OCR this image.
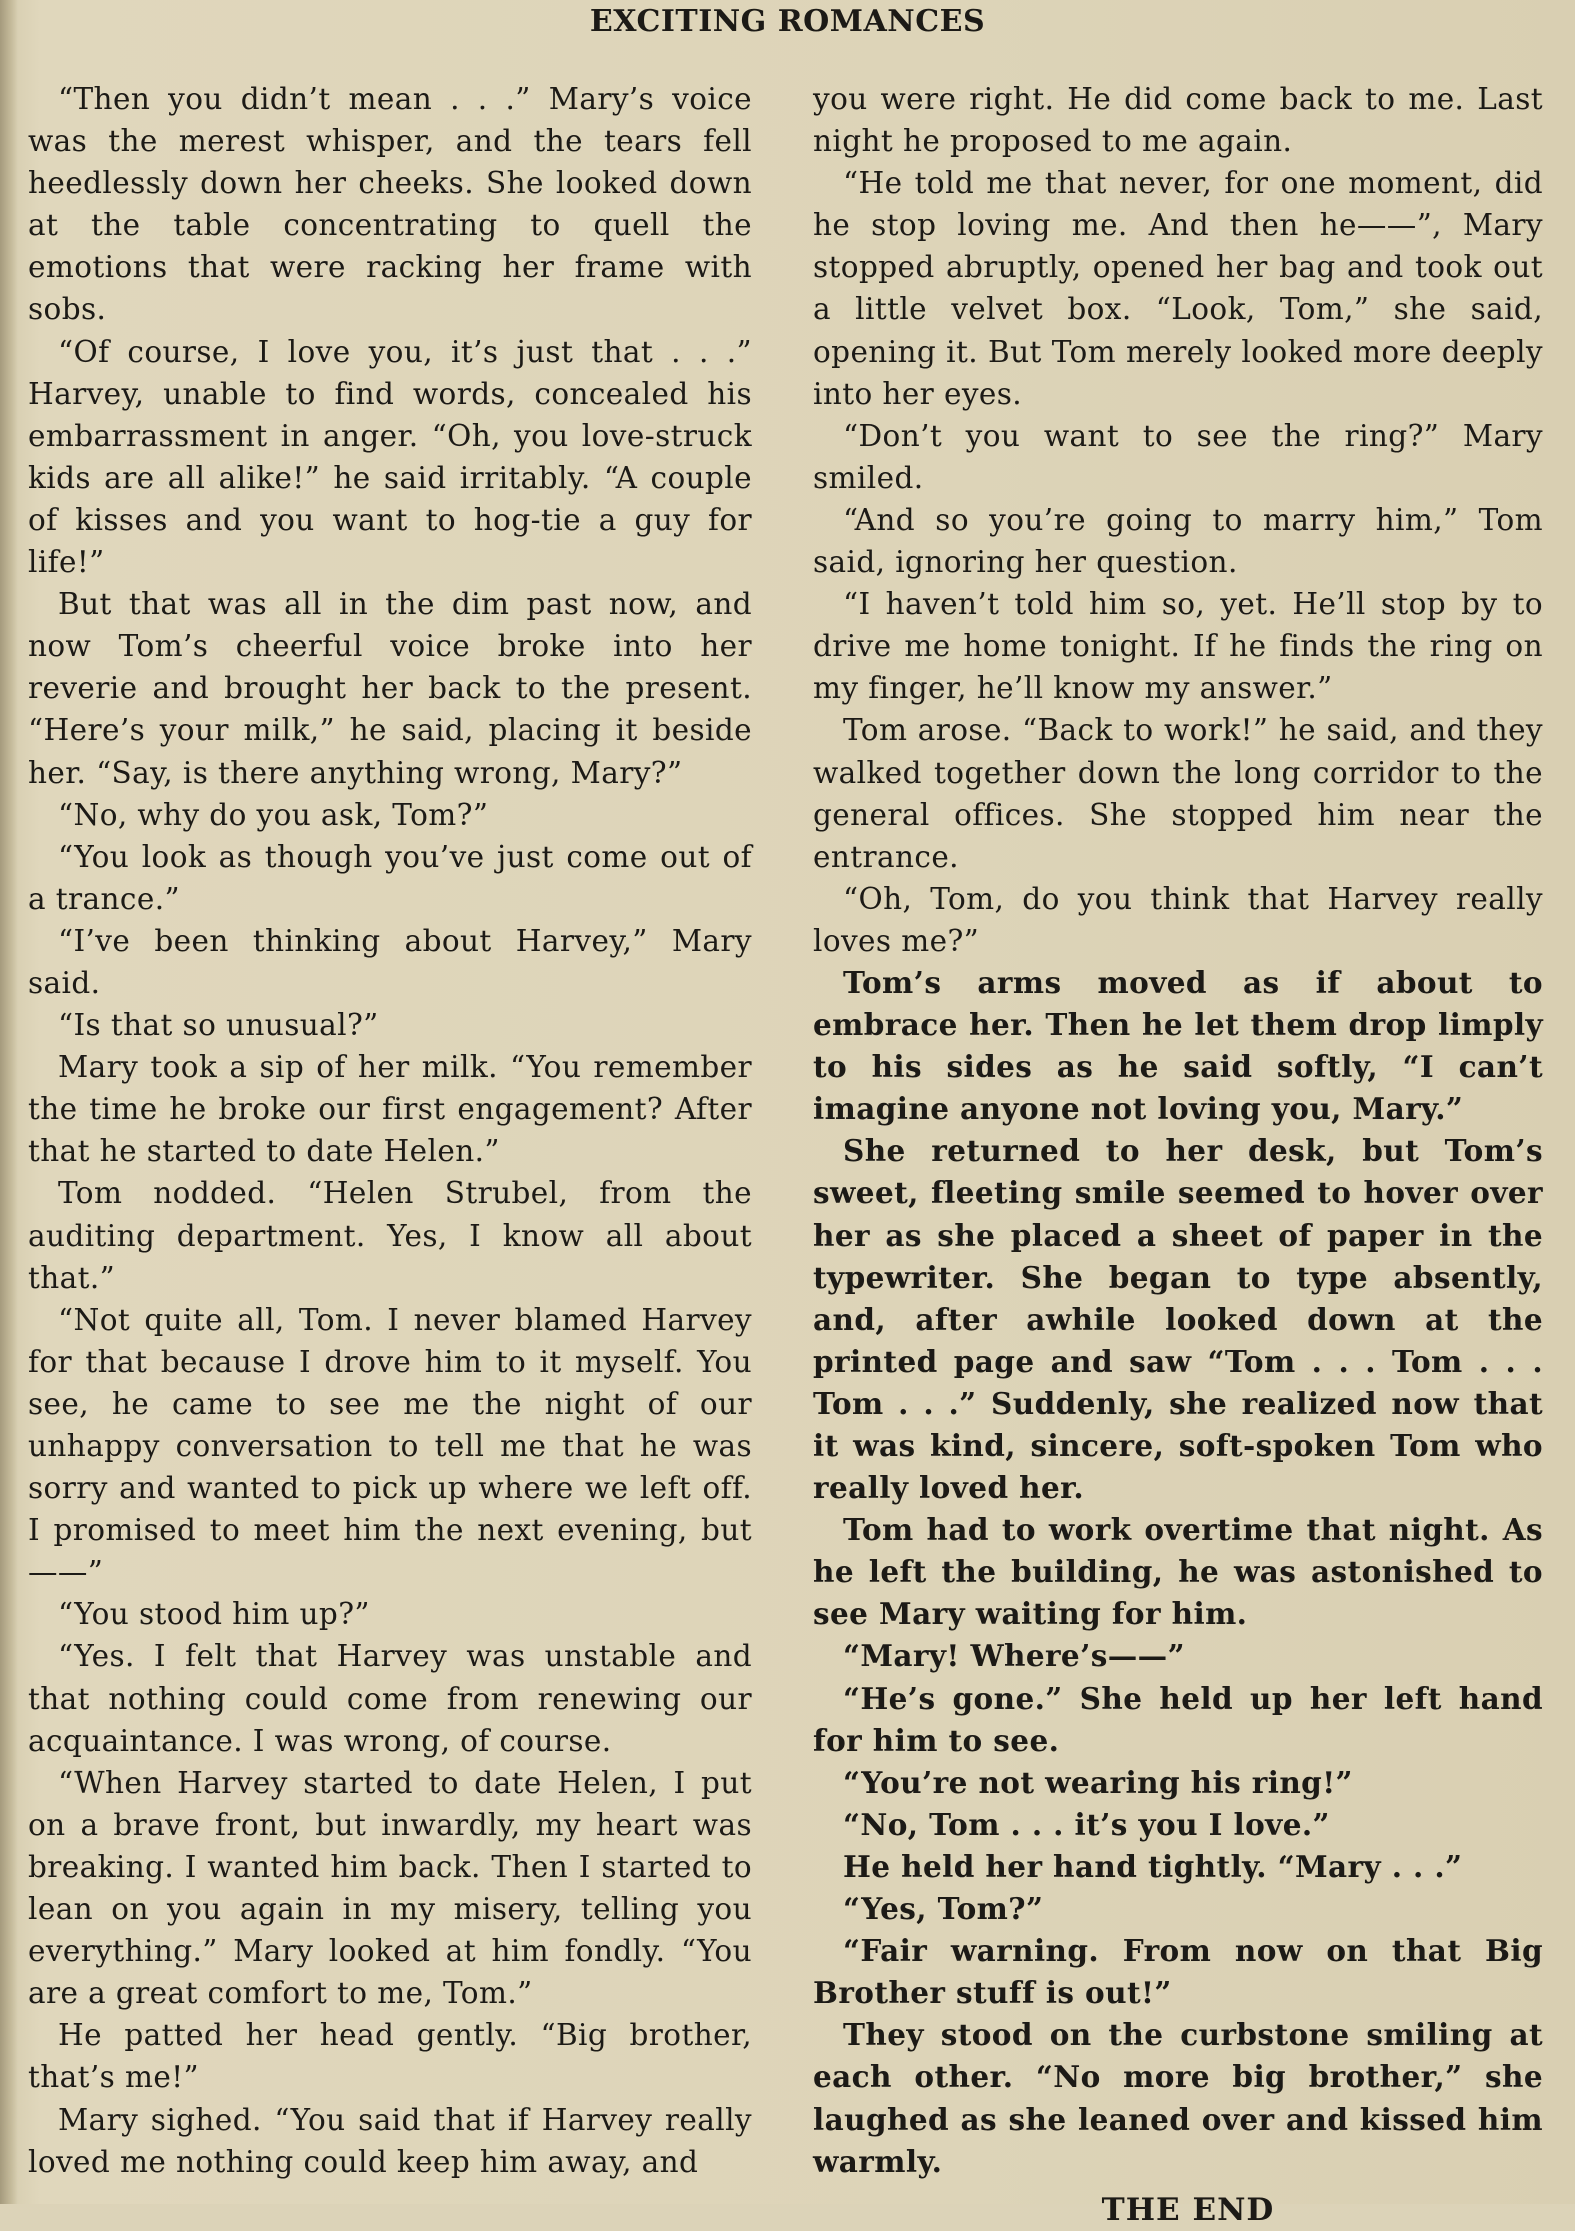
EXCITING ROMANCES

“Then you didn’t mean . . .” Mary’s voice was the merest whisper, and the tears fell heedlessly down her cheeks. She looked down at the table concentrating to quell the emotions that were racking her frame with sobs.

“Of course, I love you, it’s just that . . .” Harvey, unable to find words, concealed his embarrassment in anger. “Oh, you love-struck kids are all alike!” he said irritably. “A couple of kisses and you want to hog-tie a guy for life!”

But that was all in the dim past now, and now Tom’s cheerful voice broke into her reverie and brought her back to the present. “Here’s your milk,” he said, placing it beside her. “Say, is there anything wrong, Mary?”

“No, why do you ask, Tom?”

“You look as though you’ve just come out of a trance.”

“I’ve been thinking about Harvey,” Mary said.

“Is that so unusual?”

Mary took a sip of her milk. “You remember the time he broke our first engagement? After that he started to date Helen.”

Tom nodded. “Helen Strubel, from the auditing department. Yes, I know all about that.”

“Not quite all, Tom. I never blamed Harvey for that because I drove him to it myself. You see, he came to see me the night of our unhappy conversation to tell me that he was sorry and wanted to pick up where we left off. I promised to meet him the next evening, but——”

“You stood him up?”

“Yes. I felt that Harvey was unstable and that nothing could come from renewing our acquaintance. I was wrong, of course.

“When Harvey started to date Helen, I put on a brave front, but inwardly, my heart was breaking. I wanted him back. Then I started to lean on you again in my misery, telling you everything.” Mary looked at him fondly. “You are a great comfort to me, Tom.”

He patted her head gently. “Big brother, that’s me!”

Mary sighed. “You said that if Harvey really loved me nothing could keep him away, and

you were right. He did come back to me. Last night he proposed to me again.

“He told me that never, for one moment, did he stop loving me. And then he——”, Mary stopped abruptly, opened her bag and took out a little velvet box. “Look, Tom,” she said, opening it. But Tom merely looked more deeply into her eyes.

“Don’t you want to see the ring?” Mary smiled.

“And so you’re going to marry him,” Tom said, ignoring her question.

“I haven’t told him so, yet. He’ll stop by to drive me home tonight. If he finds the ring on my finger, he’ll know my answer.”

Tom arose. “Back to work!” he said, and they walked together down the long corridor to the general offices. She stopped him near the entrance.

“Oh, Tom, do you think that Harvey really loves me?”

Tom’s arms moved as if about to embrace her. Then he let them drop limply to his sides as he said softly, “I can’t imagine anyone not loving you, Mary.”

She returned to her desk, but Tom’s sweet, fleeting smile seemed to hover over her as she placed a sheet of paper in the typewriter. She began to type absently, and, after awhile looked down at the printed page and saw “Tom . . . Tom . . . Tom . . .” Suddenly, she realized now that it was kind, sincere, soft-spoken Tom who really loved her.

Tom had to work overtime that night. As he left the building, he was astonished to see Mary waiting for him.

“Mary! Where’s——”

“He’s gone.” She held up her left hand for him to see.

“You’re not wearing his ring!”

“No, Tom . . . it’s you I love.”

He held her hand tightly. “Mary . . .”

“Yes, Tom?”

“Fair warning. From now on that Big Brother stuff is out!”

They stood on the curbstone smiling at each other. “No more big brother,” she laughed as she leaned over and kissed him warmly.

THE END
